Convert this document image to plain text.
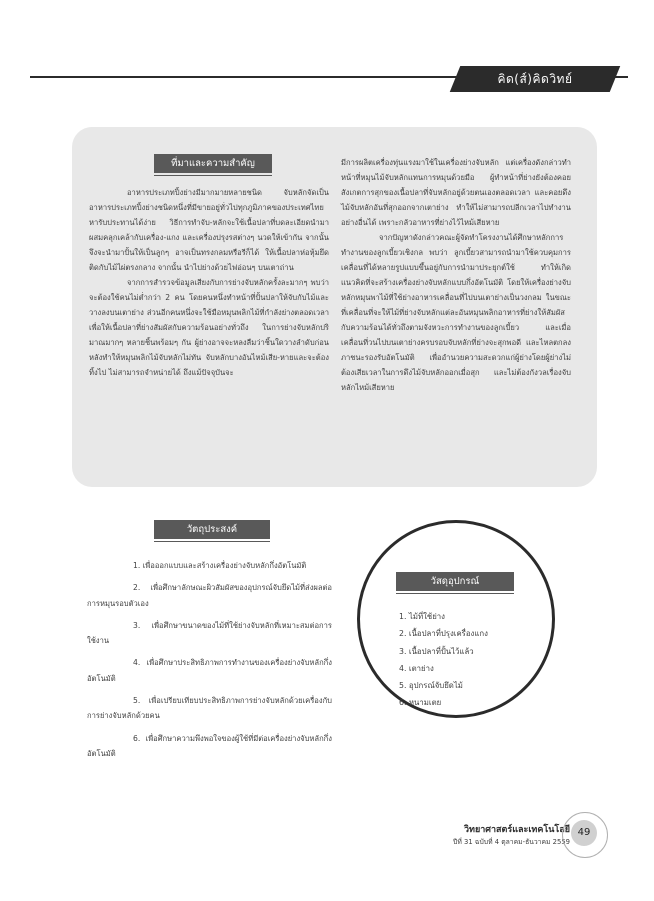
คิด(ส์)คิดวิทย์
ที่มาและความสำคัญ

อาหารประเภทปิ้งย่างมีมากมายหลายชนิด จับหลักจัดเป็นอาหารประเภทปิ้งย่างชนิดหนึ่งที่มีขายอยู่ทั่วไปทุกภูมิภาคของประเทศไทย หารับประทานได้ง่าย วิธีการทำจับ-หลักจะใช้เนื้อปลาที่บดละเอียดนำมาผสมคลุกเคล้ากับเครื่อง-แกง และเครื่องปรุงรสต่างๆ นวดให้เข้ากัน จากนั้น จึงจะนำมาปั้นให้เป็นลูกๆ อาจเป็นทรงกลมหรือรีก็ได้ ให้เนื้อปลาห่อหุ้มยึดติดกับไม้ไผ่ตรงกลาง จากนั้น นำไปย่างด้วยไฟอ่อนๆ บนเตาถ่าน

จากการสำรวจข้อมูลเสียงกับการย่างจับหลักครั้งละมากๆ พบว่า จะต้องใช้คนไม่ต่ำกว่า 2 คน โดยคนหนึ่งทำหน้าที่ปั้นปลาให้จับกับไม้และวางลงบนเตาย่าง ส่วนอีกคนหนึ่งจะใช้มือหมุนพลิกไม้ที่กำลังย่างตลอดเวลา เพื่อให้เนื้อปลาที่ย่างสัมผัสกับความร้อนอย่างทั่วถึง ในการย่างจับหลักปริมาณมากๆ หลายชิ้นพร้อมๆ กัน ผู้ย่างอาจจะหลงลืมว่าชิ้นใดวางลำดับก่อนหลังทำให้หมุนพลิกไม้จับหลักไม่ทัน จับหลักบางอันไหม้เสีย-หายและจะต้องทิ้งไป ไม่สามารถจำหน่ายได้ ถึงแม้ปัจจุบันจะ

มีการผลิตเครื่องทุ่นแรงมาใช้ในเครื่องย่างจับหลัก แต่เครื่องดังกล่าวทำหน้าที่หมุนไม้จับหลักแทนการหมุนด้วยมือ ผู้ทำหน้าที่ย่างยังต้องคอยสังเกตการสุกของเนื้อปลาที่จับหลักอยู่ด้วยตนเองตลอดเวลา และคอยดึงไม้จับหลักอันที่สุกออกจากเตาย่าง ทำให้ไม่สามารถปลีกเวลาไปทำงานอย่างอื่นได้ เพราะกลัวอาหารที่ย่างไว้ไหม้เสียหาย

จากปัญหาดังกล่าวคณะผู้จัดทำโครงงานได้ศึกษาหลักการทำงานของลูกเบี้ยวเชิงกล พบว่า ลูกเบี้ยวสามารถนำมาใช้ควบคุมการเคลื่อนที่ได้หลายรูปแบบขึ้นอยู่กับการนำมาประยุกต์ใช้ ทำให้เกิดแนวคิดที่จะสร้างเครื่องย่างจับหลักแบบกึ่งอัตโนมัติ โดยให้เครื่องย่างจับหลักหมุนพาไม้ที่ใช้ย่างอาหารเคลื่อนที่ไปบนเตาย่างเป็นวงกลม ในขณะที่เคลื่อนที่จะให้ไม้ที่ย่างจับหลักแต่ละอันหมุนพลิกอาหารที่ย่างให้สัมผัสกับความร้อนได้ทั่วถึงตามจังหวะการทำงานของลูกเบี้ยว และเมื่อเคลื่อนที่วนไปบนเตาย่างครบรอบจับหลักที่ย่างจะสุกพอดี และไหลตกลงภาชนะรองรับอัตโนมัติ เพื่ออำนวยความสะดวกแก่ผู้ย่างโดยผู้ย่างไม่ต้องเสียเวลาในการดึงไม้จับหลักออกเมื่อสุก และไม่ต้องกังวลเรื่องจับหลักไหม้เสียหาย

วัตถุประสงค์

1. เพื่อออกแบบและสร้างเครื่องย่างจับหลักกึ่งอัตโนมัติ

2. เพื่อศึกษาลักษณะผิวสัมผัสของอุปกรณ์จับยึดไม้ที่ส่งผลต่อการหมุนรอบตัวเอง

3. เพื่อศึกษาขนาดของไม้ที่ใช้ย่างจับหลักที่เหมาะสมต่อการใช้งาน

4. เพื่อศึกษาประสิทธิภาพการทำงานของเครื่องย่างจับหลักกึ่งอัตโนมัติ

5. เพื่อเปรียบเทียบประสิทธิภาพการย่างจับหลักด้วยเครื่องกับการย่างจับหลักด้วยคน

6. เพื่อศึกษาความพึงพอใจของผู้ใช้ที่มีต่อเครื่องย่างจับหลักกึ่งอัตโนมัติ

วัสดุอุปกรณ์
1. ไม้ที่ใช้ย่าง
2. เนื้อปลาที่ปรุงเครื่องแกง
3. เนื้อปลาที่ปั้นไว้แล้ว
4. เตาย่าง
5. อุปกรณ์จับยึดไม้
6. หนามเตย
วิทยาศาสตร์และเทคโนโลยี
ปีที่ 31 ฉบับที่ 4 ตุลาคม-ธันวาคม 2559
49
